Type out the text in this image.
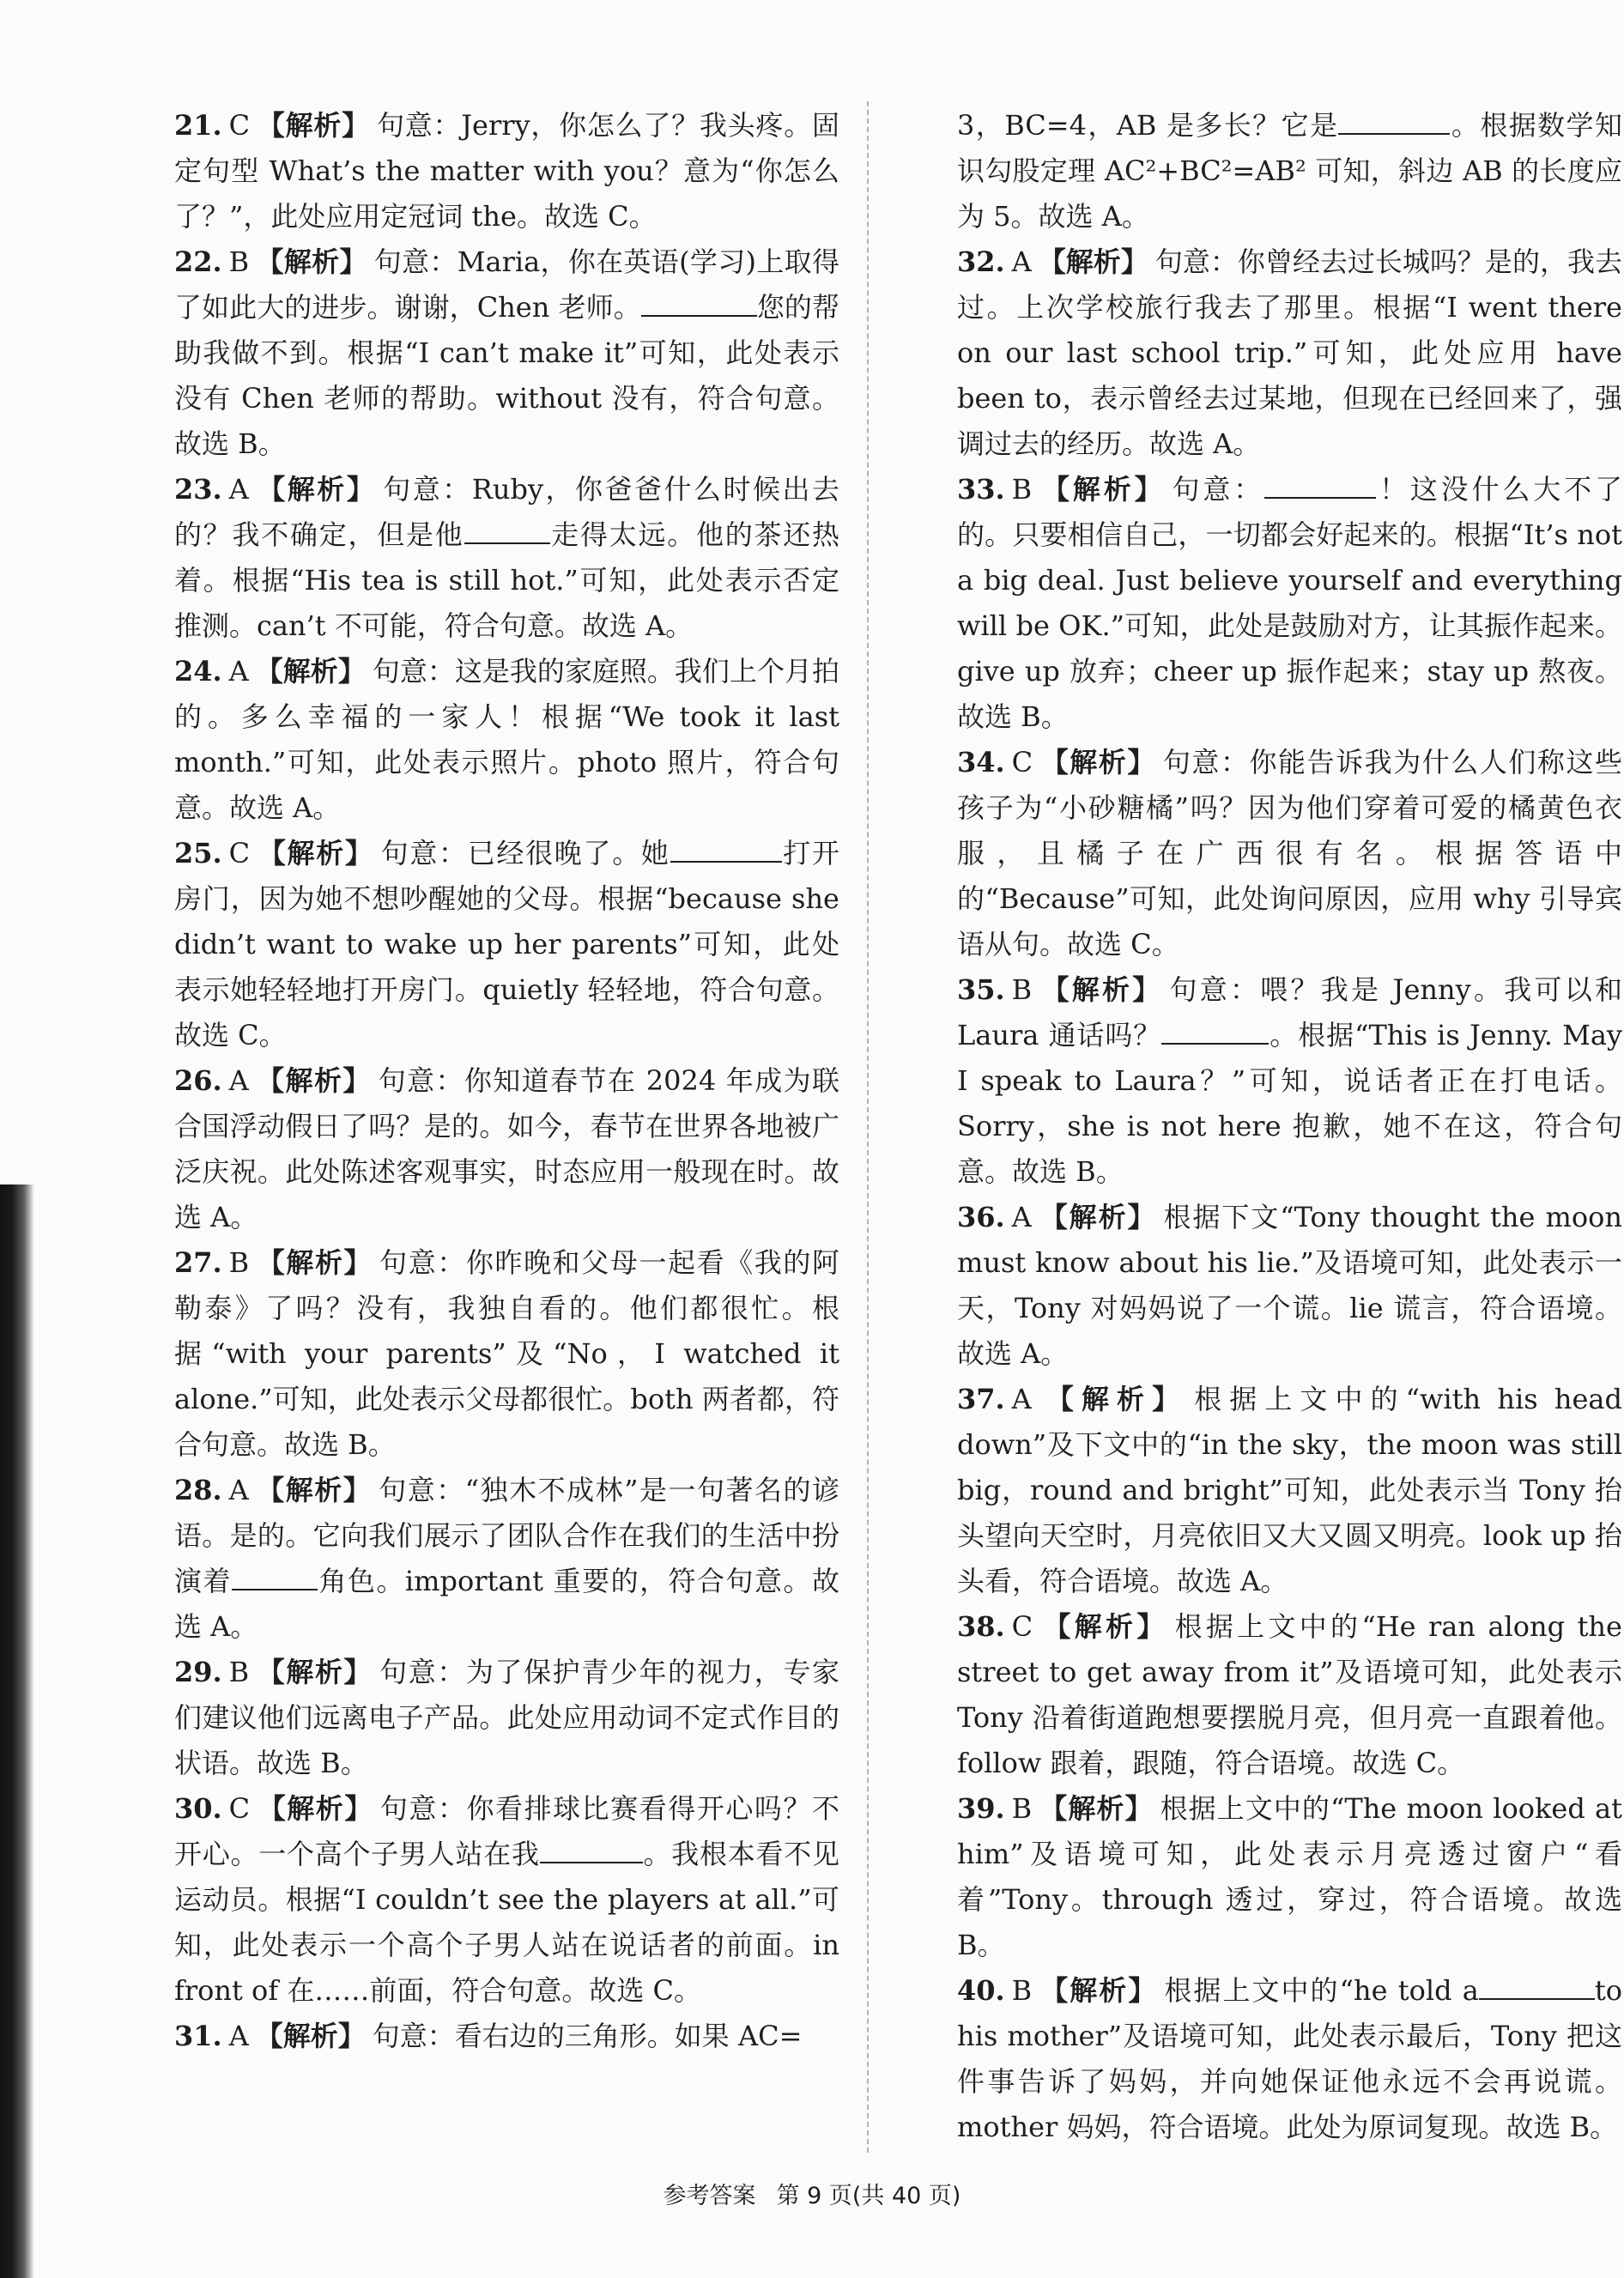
21. C 【解析】 句意：Jerry，你怎么了？我头疼。固定句型 What’s the matter with you？意为“你怎么了？”，此处应用定冠词 the。故选 C。

22. B 【解析】 句意：Maria，你在英语(学习)上取得了如此大的进步。谢谢，Chen 老师。	您的帮助我做不到。根据“I can’t make it”可知，此处表示没有 Chen 老师的帮助。without 没有，符合句意。故选 B。

23. A 【解析】 句意：Ruby，你爸爸什么时候出去的？我不确定，但是他	走得太远。他的茶还热着。根据“His tea is still hot.”可知，此处表示否定推测。can’t 不可能，符合句意。故选 A。

24. A 【解析】 句意：这是我的家庭照。我们上个月拍的。多么幸福的一家人！根据“We took it last month.”可知，此处表示照片。photo 照片，符合句意。故选 A。

25. C 【解析】 句意：已经很晚了。她	打开房门，因为她不想吵醒她的父母。根据“because she didn’t want to wake up her parents”可知，此处表示她轻轻地打开房门。quietly 轻轻地，符合句意。故选 C。

26. A 【解析】 句意：你知道春节在 2024 年成为联合国浮动假日了吗？是的。如今，春节在世界各地被广泛庆祝。此处陈述客观事实，时态应用一般现在时。故选 A。

27. B 【解析】 句意：你昨晚和父母一起看《我的阿勒泰》了吗？没有，我独自看的。他们都很忙。根据“with your parents”及“No，I watched it alone.”可知，此处表示父母都很忙。both 两者都，符合句意。故选 B。

28. A 【解析】 句意：“独木不成林”是一句著名的谚语。是的。它向我们展示了团队合作在我们的生活中扮演着	角色。important 重要的，符合句意。故选 A。

29. B 【解析】 句意：为了保护青少年的视力，专家们建议他们远离电子产品。此处应用动词不定式作目的状语。故选 B。

30. C 【解析】 句意：你看排球比赛看得开心吗？不开心。一个高个子男人站在我	。我根本看不见运动员。根据“I couldn’t see the players at all.”可知，此处表示一个高个子男人站在说话者的前面。in front of 在……前面，符合句意。故选 C。

31. A 【解析】 句意：看右边的三角形。如果 AC=

3，BC=4，AB 是多长？它是	。根据数学知识勾股定理 AC²+BC²=AB² 可知，斜边 AB 的长度应为 5。故选 A。

32. A 【解析】 句意：你曾经去过长城吗？是的，我去过。上次学校旅行我去了那里。根据“I went there on our last school trip.”可知，此处应用 have been to，表示曾经去过某地，但现在已经回来了，强调过去的经历。故选 A。

33. B 【解析】 句意：	！这没什么大不了的。只要相信自己，一切都会好起来的。根据“It’s not a big deal. Just believe yourself and everything will be OK.”可知，此处是鼓励对方，让其振作起来。give up 放弃；cheer up 振作起来；stay up 熬夜。故选 B。

34. C 【解析】 句意：你能告诉我为什么人们称这些孩子为“小砂糖橘”吗？因为他们穿着可爱的橘黄色衣服，且橘子在广西很有名。根据答语中的“Because”可知，此处询问原因，应用 why 引导宾语从句。故选 C。

35. B 【解析】 句意：喂？我是 Jenny。我可以和 Laura 通话吗？	。根据“This is Jenny. May I speak to Laura？”可知，说话者正在打电话。Sorry，she is not here 抱歉，她不在这，符合句意。故选 B。

36. A 【解析】 根据下文“Tony thought the moon must know about his lie.”及语境可知，此处表示一天，Tony 对妈妈说了一个谎。lie 谎言，符合语境。故选 A。

37. A 【解析】 根据上文中的“with his head down”及下文中的“in the sky，the moon was still big，round and bright”可知，此处表示当 Tony 抬头望向天空时，月亮依旧又大又圆又明亮。look up 抬头看，符合语境。故选 A。

38. C 【解析】 根据上文中的“He ran along the street to get away from it”及语境可知，此处表示 Tony 沿着街道跑想要摆脱月亮，但月亮一直跟着他。follow 跟着，跟随，符合语境。故选 C。

39. B 【解析】 根据上文中的“The moon looked at him”及语境可知，此处表示月亮透过窗户“看着”Tony。through 透过，穿过，符合语境。故选 B。

40. B 【解析】 根据上文中的“he told a	to his mother”及语境可知，此处表示最后，Tony 把这件事告诉了妈妈，并向她保证他永远不会再说谎。mother 妈妈，符合语境。此处为原词复现。故选 B。

参考答案 第 9 页(共 40 页)
